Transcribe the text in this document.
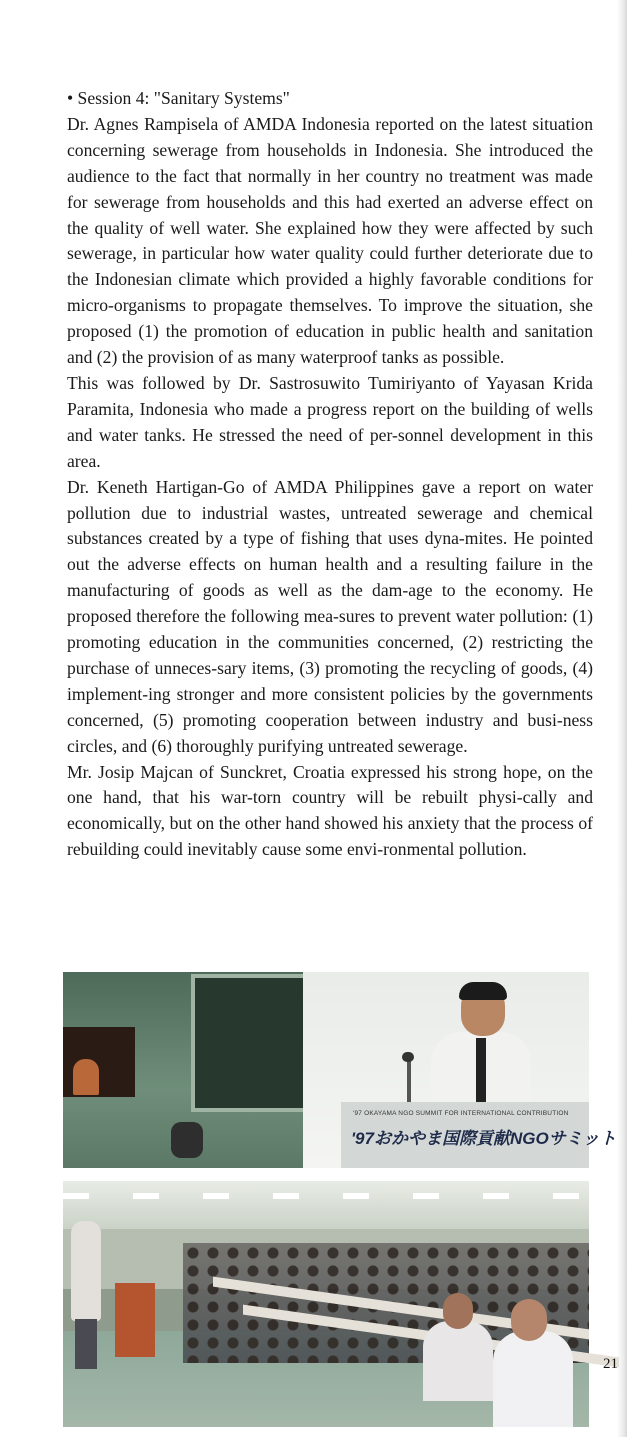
• Session 4: "Sanitary Systems"

Dr. Agnes Rampisela of AMDA Indonesia reported on the latest situation concerning sewerage from households in Indonesia. She introduced the audience to the fact that normally in her country no treatment was made for sewerage from households and this had exerted an adverse effect on the quality of well water. She explained how they were affected by such sewerage, in particular how water quality could further deteriorate due to the Indonesian climate which provided a highly favorable conditions for micro-organisms to propagate themselves. To improve the situation, she proposed (1) the promotion of education in public health and sanitation and (2) the provision of as many waterproof tanks as possible.

This was followed by Dr. Sastrosuwito Tumiriyanto of Yayasan Krida Paramita, Indonesia who made a progress report on the building of wells and water tanks. He stressed the need of per-sonnel development in this area.

Dr. Keneth Hartigan-Go of AMDA Philippines gave a report on water pollution due to industrial wastes, untreated sewerage and chemical substances created by a type of fishing that uses dyna-mites. He pointed out the adverse effects on human health and a resulting failure in the manufacturing of goods as well as the dam-age to the economy. He proposed therefore the following mea-sures to prevent water pollution: (1) promoting education in the communities concerned, (2) restricting the purchase of unneces-sary items, (3) promoting the recycling of goods, (4) implement-ing stronger and more consistent policies by the governments concerned, (5) promoting cooperation between industry and busi-ness circles, and (6) thoroughly purifying untreated sewerage.

Mr. Josip Majcan of Sunckret, Croatia expressed his strong hope, on the one hand, that his war-torn country will be rebuilt physi-cally and economically, but on the other hand showed his anxiety that the process of rebuilding could inevitably cause some envi-ronmental pollution.

'97 OKAYAMA NGO SUMMIT FOR INTERNATIONAL CONTRIBUTION
'97おかやま国際貢献NGOサミット
21
